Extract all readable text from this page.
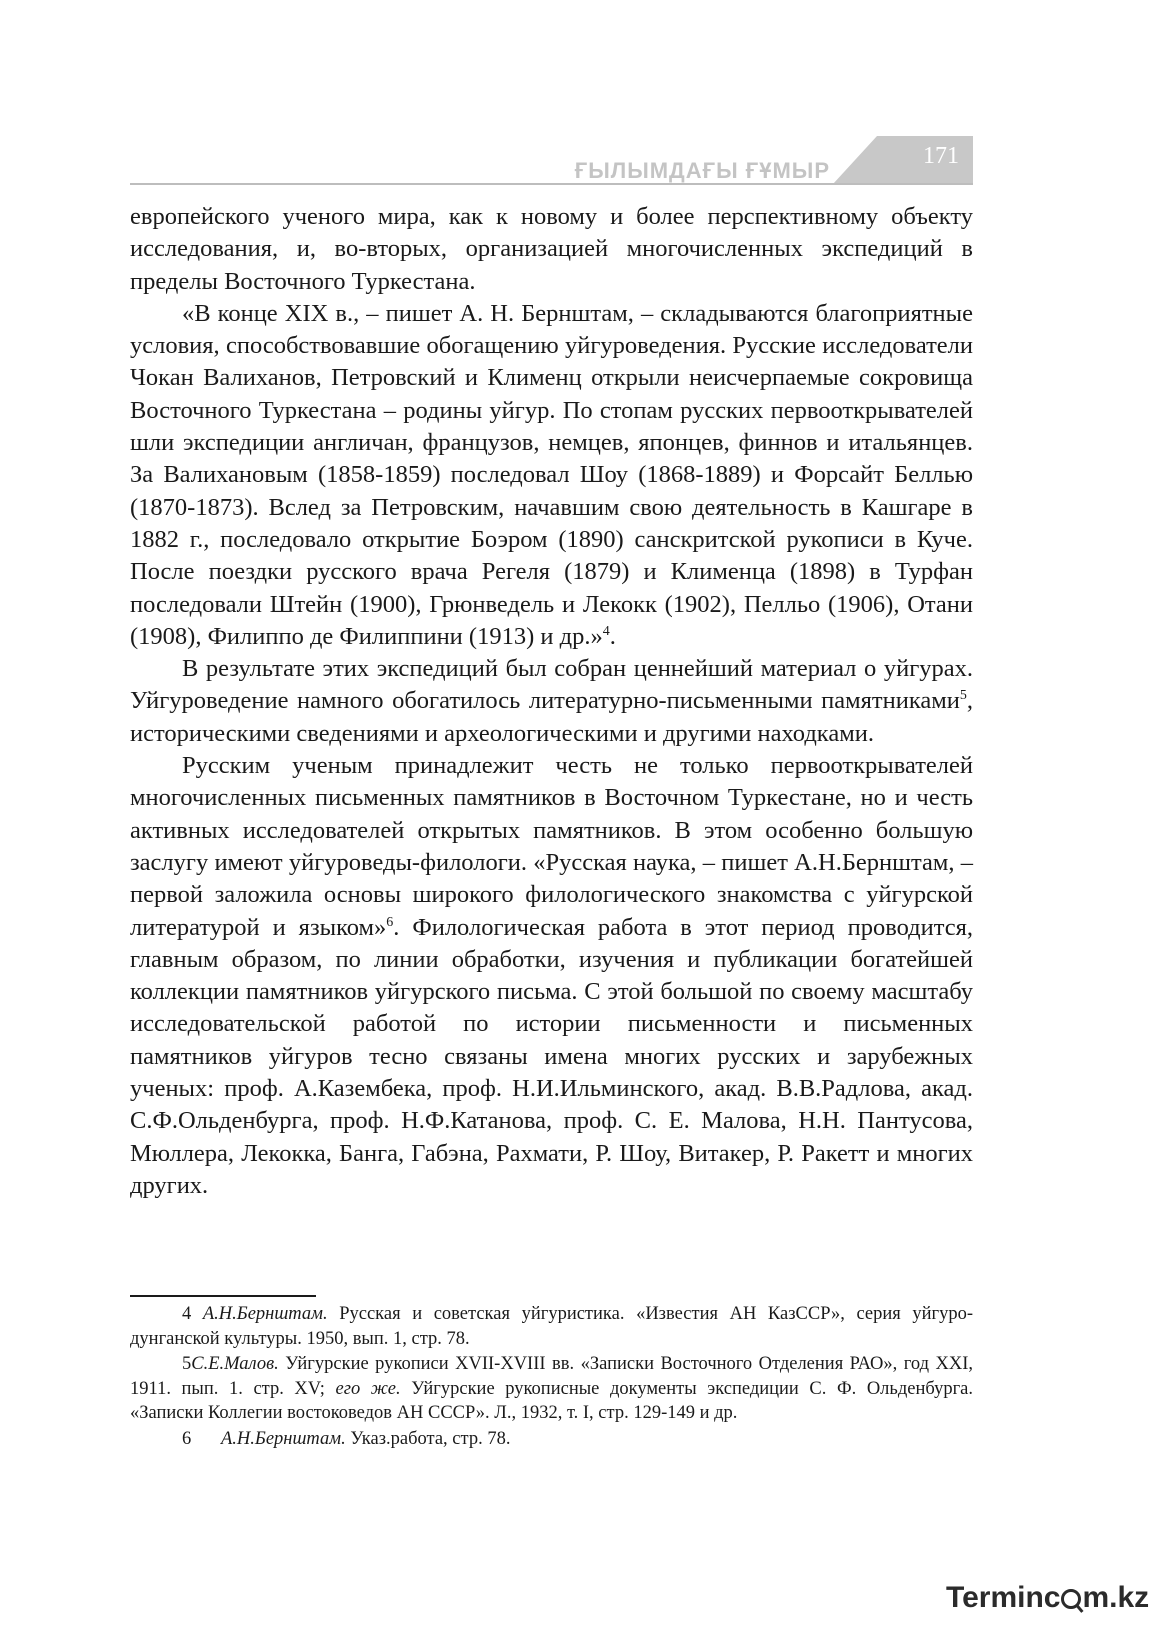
ҒЫЛЫМДАҒЫ ҒҰМЫР
171

европейского ученого мира, как к новому и более перспективному объекту исследования, и, во-вторых, организацией многочисленных экспедиций в пределы Восточного Туркестана.

«В конце XIX в., – пишет А. Н. Бернштам, – складываются благоприятные условия, способствовавшие обогащению уйгуроведения. Русские исследователи Чокан Валиханов, Петровский и Клименц открыли неисчерпаемые сокровища Восточного Туркестана – родины уйгур. По стопам русских первооткрывателей шли экспедиции англичан, французов, немцев, японцев, финнов и итальянцев. За Валихановым (1858-1859) последовал Шоу (1868-1889) и Форсайт Беллью (1870-1873). Вслед за Петровским, начавшим свою деятельность в Кашгаре в 1882 г., последовало открытие Боэром (1890) санскритской рукописи в Куче. После поездки русского врача Регеля (1879) и Клименца (1898) в Турфан последовали Штейн (1900), Грюнведель и Лекокк (1902), Пелльо (1906), Отани (1908), Филиппо де Филиппини (1913) и др.»$^4$.

В результате этих экспедиций был собран ценнейший материал о уйгурах. Уйгуроведение намного обогатилось литературно-письменными памятниками$^5$, историческими сведениями и археологическими и другими находками.

Русским ученым принадлежит честь не только первооткрывателей многочисленных письменных памятников в Восточном Туркестане, но и честь активных исследователей открытых памятников. В этом особенно большую заслугу имеют уйгуроведы-филологи. «Русская наука, – пишет А.Н.Бернштам, – первой заложила основы широкого филологического знакомства с уйгурской литературой и языком»$^6$. Филологическая работа в этот период проводится, главным образом, по линии обработки, изучения и публикации богатейшей коллекции памятников уйгурского письма. С этой большой по своему масштабу исследовательской работой по истории письменности и письменных памятников уйгуров тесно связаны имена многих русских и зарубежных ученых: проф. А.Казембека, проф. Н.И.Ильминского, акад. В.В.Радлова, акад. С.Ф.Ольденбурга, проф. Н.Ф.Катанова, проф. С. Е. Малова, Н.Н. Пантусова, Мюллера, Лекокка, Банга, Габэна, Рахмати, Р. Шоу, Витакер, Р. Ракетт и многих других.

4 А.Н.Бернштам. Русская и советская уйгуристика. «Известия АН КазССР», серия уйгуро-дунганской культуры. 1950, вып. 1, стр. 78.

5С.Е.Малов. Уйгурские рукописи XVII-XVIII вв. «Записки Восточного Отделения РАО», год XXI, 1911. пып. 1. стр. XV; его же. Уйгурские рукописные документы экспедиции С. Ф. Ольденбурга. «Записки Коллегии востоковедов АН СССР». Л., 1932, т. I, стр. 129-149 и др.

6 А.Н.Бернштам. Указ.работа, стр. 78.

Terminc m.kz
